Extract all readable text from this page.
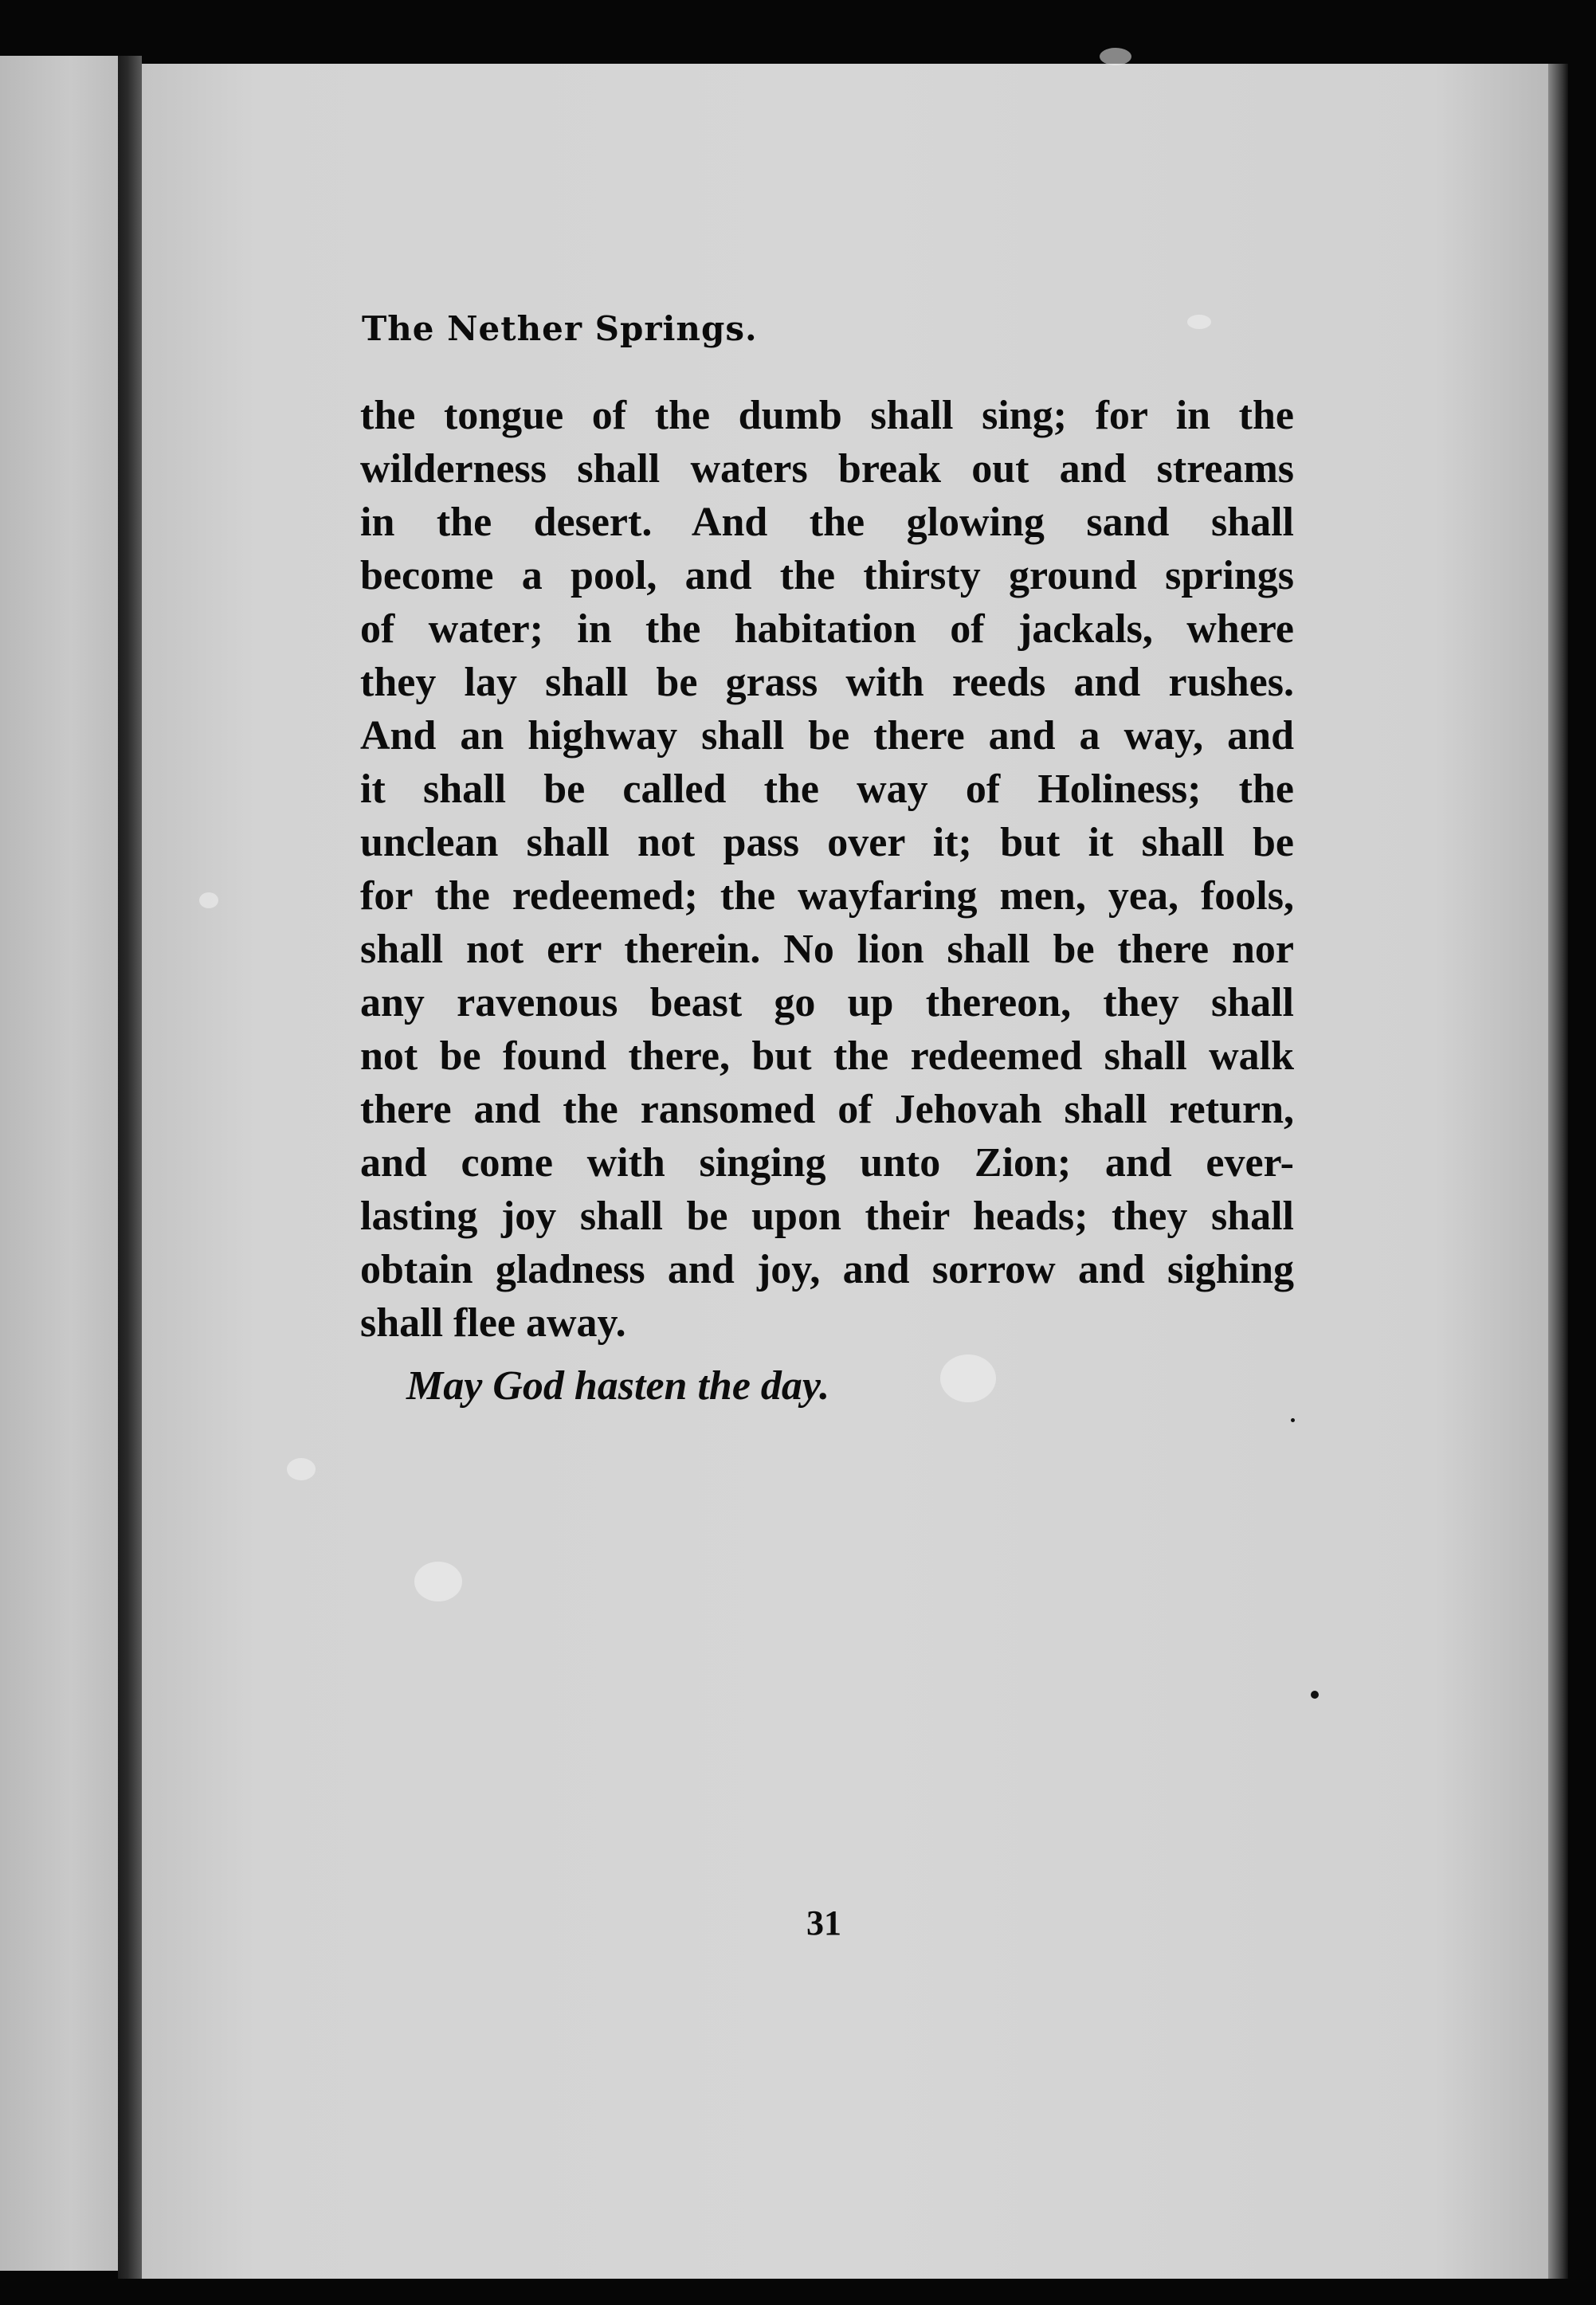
The Nether Springs.
the tongue of the dumb shall sing; for in the
wilderness shall waters break out and streams
in the desert. And the glowing sand shall
become a pool, and the thirsty ground springs
of water; in the habitation of jackals, where
they lay shall be grass with reeds and rushes.
And an highway shall be there and a way, and
it shall be called the way of Holiness; the
unclean shall not pass over it; but it shall be
for the redeemed; the wayfaring men, yea, fools,
shall not err therein. No lion shall be there nor
any ravenous beast go up thereon, they shall
not be found there, but the redeemed shall walk
there and the ransomed of Jehovah shall return,
and come with singing unto Zion; and ever-
lasting joy shall be upon their heads; they shall
obtain gladness and joy, and sorrow and sighing
shall flee away.
May God hasten the day.
31
